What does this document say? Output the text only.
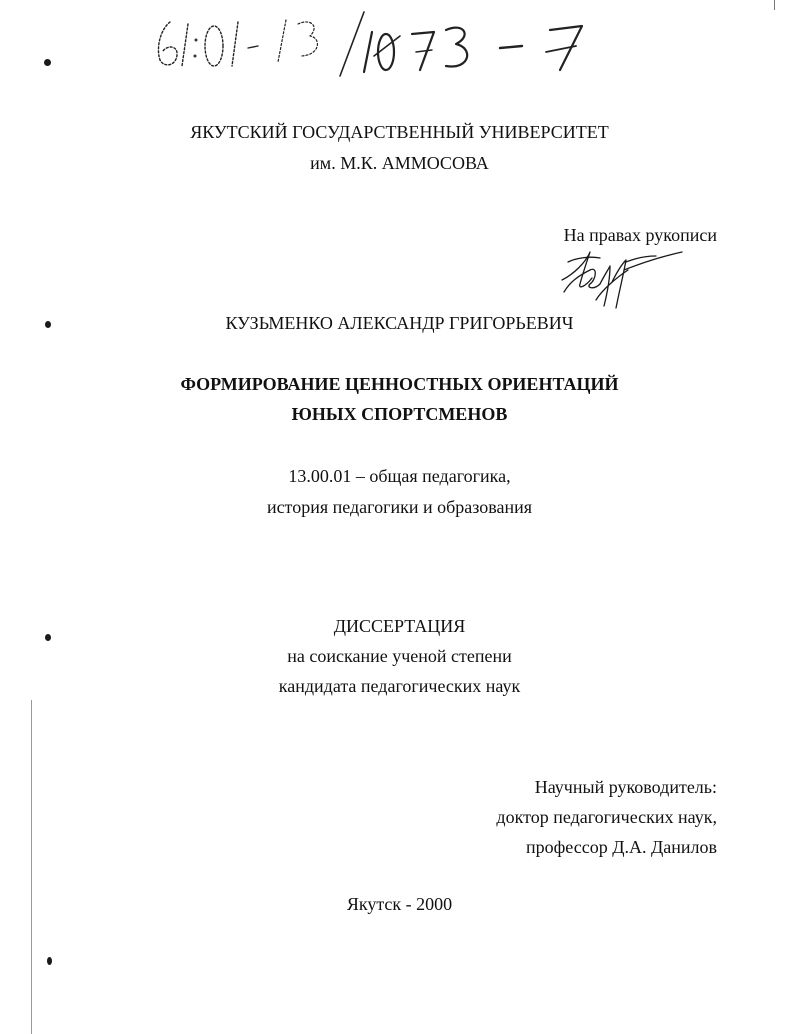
ЯКУТСКИЙ ГОСУДАРСТВЕННЫЙ УНИВЕРСИТЕТ
им. М.К. АММОСОВА
На правах рукописи
КУЗЬМЕНКО АЛЕКСАНДР ГРИГОРЬЕВИЧ
ФОРМИРОВАНИЕ ЦЕННОСТНЫХ ОРИЕНТАЦИЙ
ЮНЫХ СПОРТСМЕНОВ
13.00.01 – общая педагогика,
история педагогики и образования
ДИССЕРТАЦИЯ
на соискание ученой степени
кандидата педагогических наук
Научный руководитель:
доктор педагогических наук,
профессор Д.А. Данилов
Якутск - 2000
